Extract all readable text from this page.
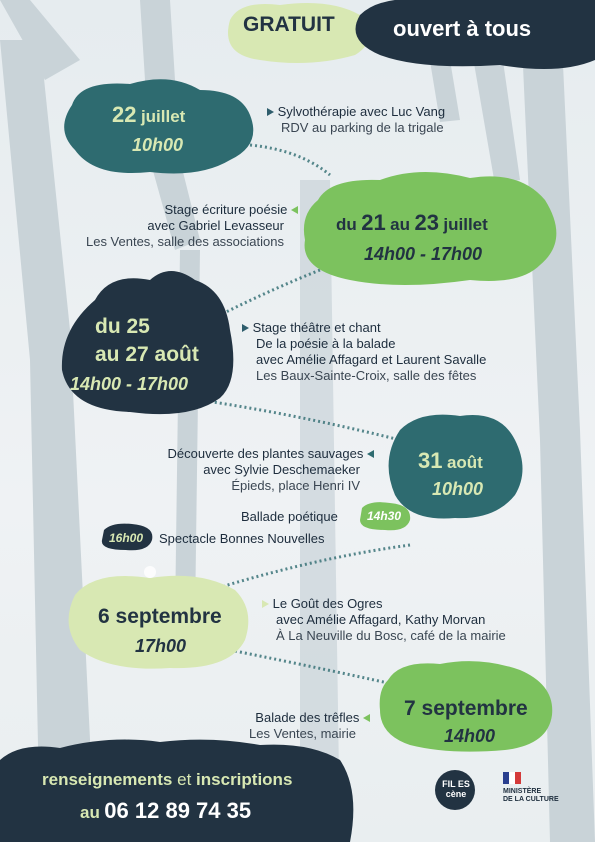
GRATUIT	ouvert à tous
22 juillet
10h00
Sylvothérapie avec Luc Vang
RDV au parking de la trigale
Stage écriture poésie
avec Gabriel Levasseur
Les Ventes, salle des associations
du 21 au 23 juillet
14h00 - 17h00
du 25
au 27 août
14h00 - 17h00
Stage théâtre et chant
De la poésie à la balade
avec Amélie Affagard et Laurent Savalle
Les Baux-Sainte-Croix, salle des fêtes
Découverte des plantes sauvages
avec Sylvie Deschemaeker
Épieds, place Henri IV
31 août
10h00
Ballade poétique 14h30
16h00 Spectacle Bonnes Nouvelles
6 septembre
17h00
Le Goût des Ogres
avec Amélie Affagard, Kathy Morvan
À La Neuville du Bosc, café de la mairie
Balade des trêfles
Les Ventes, mairie
7 septembre
14h00
renseignements et inscriptions
au 06 12 89 74 35
FIL ES cène	MINISTÈRE
DE LA CULTURE
